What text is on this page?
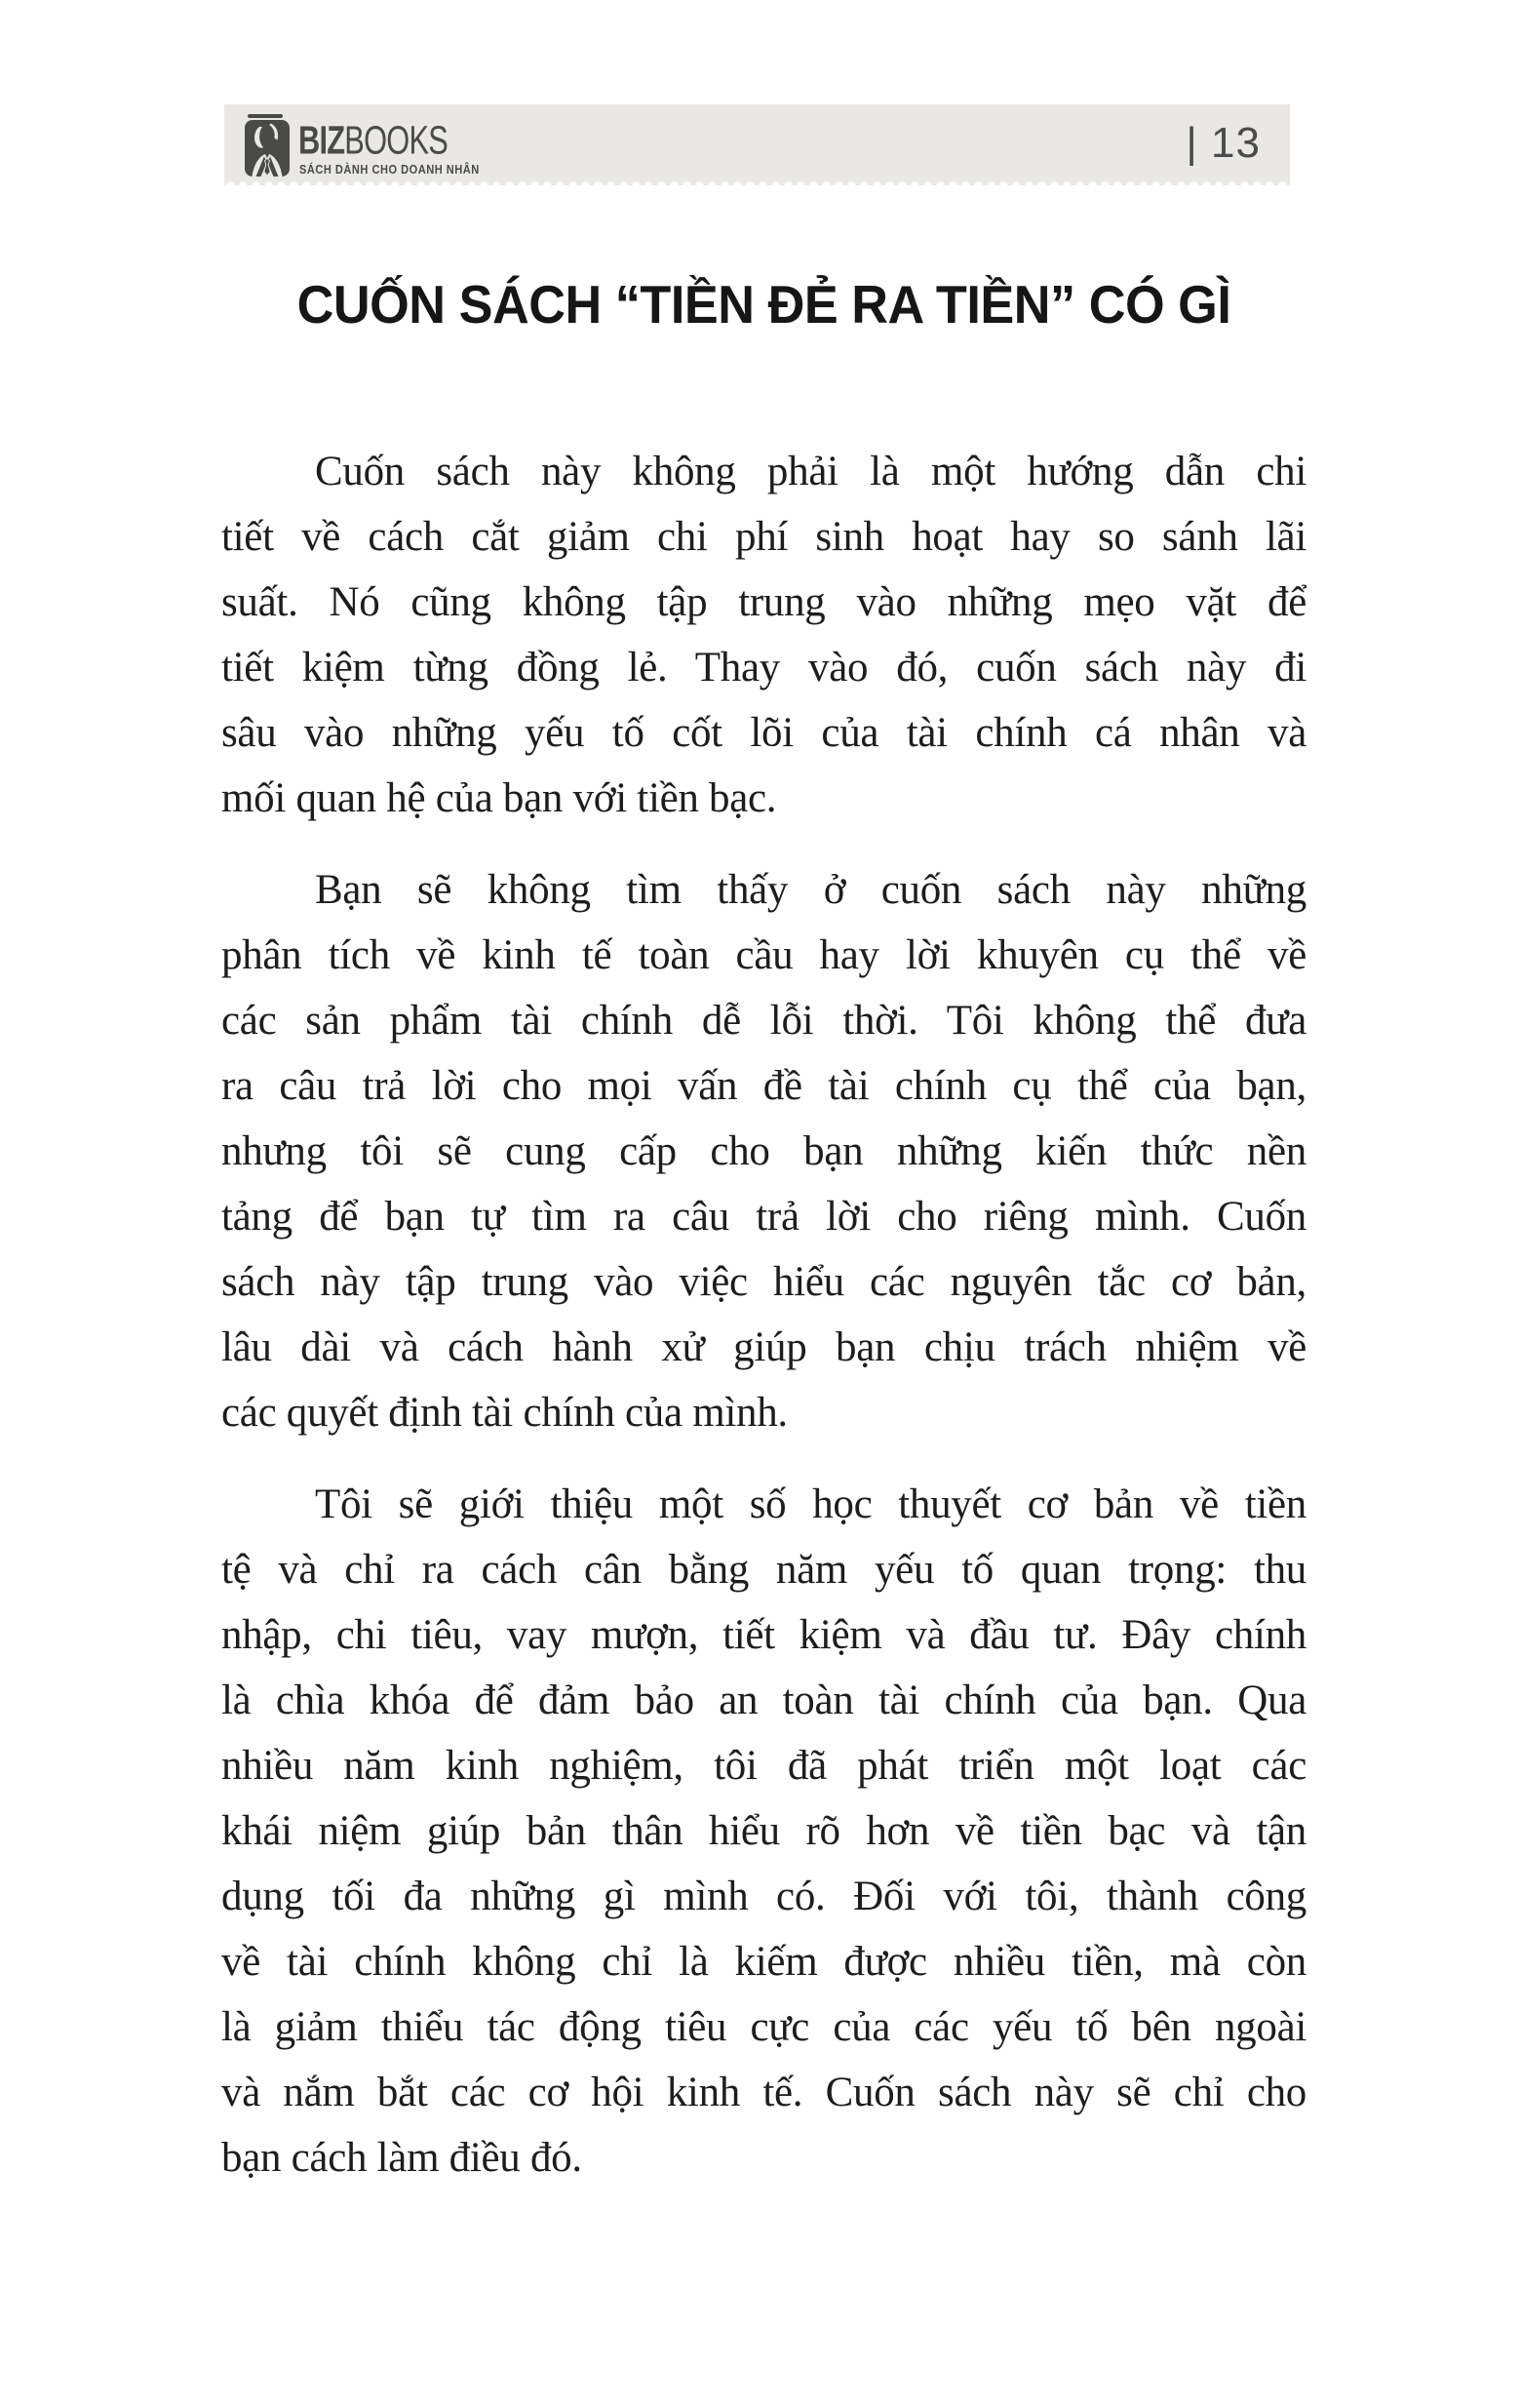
BIZBOOKS
SÁCH DÀNH CHO DOANH NHÂN
| 13
CUỐN SÁCH “TIỀN ĐẺ RA TIỀN” CÓ GÌ
Cuốn sách này không phải là một hướng dẫn chi
tiết về cách cắt giảm chi phí sinh hoạt hay so sánh lãi
suất. Nó cũng không tập trung vào những mẹo vặt để
tiết kiệm từng đồng lẻ. Thay vào đó, cuốn sách này đi
sâu vào những yếu tố cốt lõi của tài chính cá nhân và
mối quan hệ của bạn với tiền bạc.
Bạn sẽ không tìm thấy ở cuốn sách này những
phân tích về kinh tế toàn cầu hay lời khuyên cụ thể về
các sản phẩm tài chính dễ lỗi thời. Tôi không thể đưa
ra câu trả lời cho mọi vấn đề tài chính cụ thể của bạn,
nhưng tôi sẽ cung cấp cho bạn những kiến thức nền
tảng để bạn tự tìm ra câu trả lời cho riêng mình. Cuốn
sách này tập trung vào việc hiểu các nguyên tắc cơ bản,
lâu dài và cách hành xử giúp bạn chịu trách nhiệm về
các quyết định tài chính của mình.
Tôi sẽ giới thiệu một số học thuyết cơ bản về tiền
tệ và chỉ ra cách cân bằng năm yếu tố quan trọng: thu
nhập, chi tiêu, vay mượn, tiết kiệm và đầu tư. Đây chính
là chìa khóa để đảm bảo an toàn tài chính của bạn. Qua
nhiều năm kinh nghiệm, tôi đã phát triển một loạt các
khái niệm giúp bản thân hiểu rõ hơn về tiền bạc và tận
dụng tối đa những gì mình có. Đối với tôi, thành công
về tài chính không chỉ là kiếm được nhiều tiền, mà còn
là giảm thiểu tác động tiêu cực của các yếu tố bên ngoài
và nắm bắt các cơ hội kinh tế. Cuốn sách này sẽ chỉ cho
bạn cách làm điều đó.
